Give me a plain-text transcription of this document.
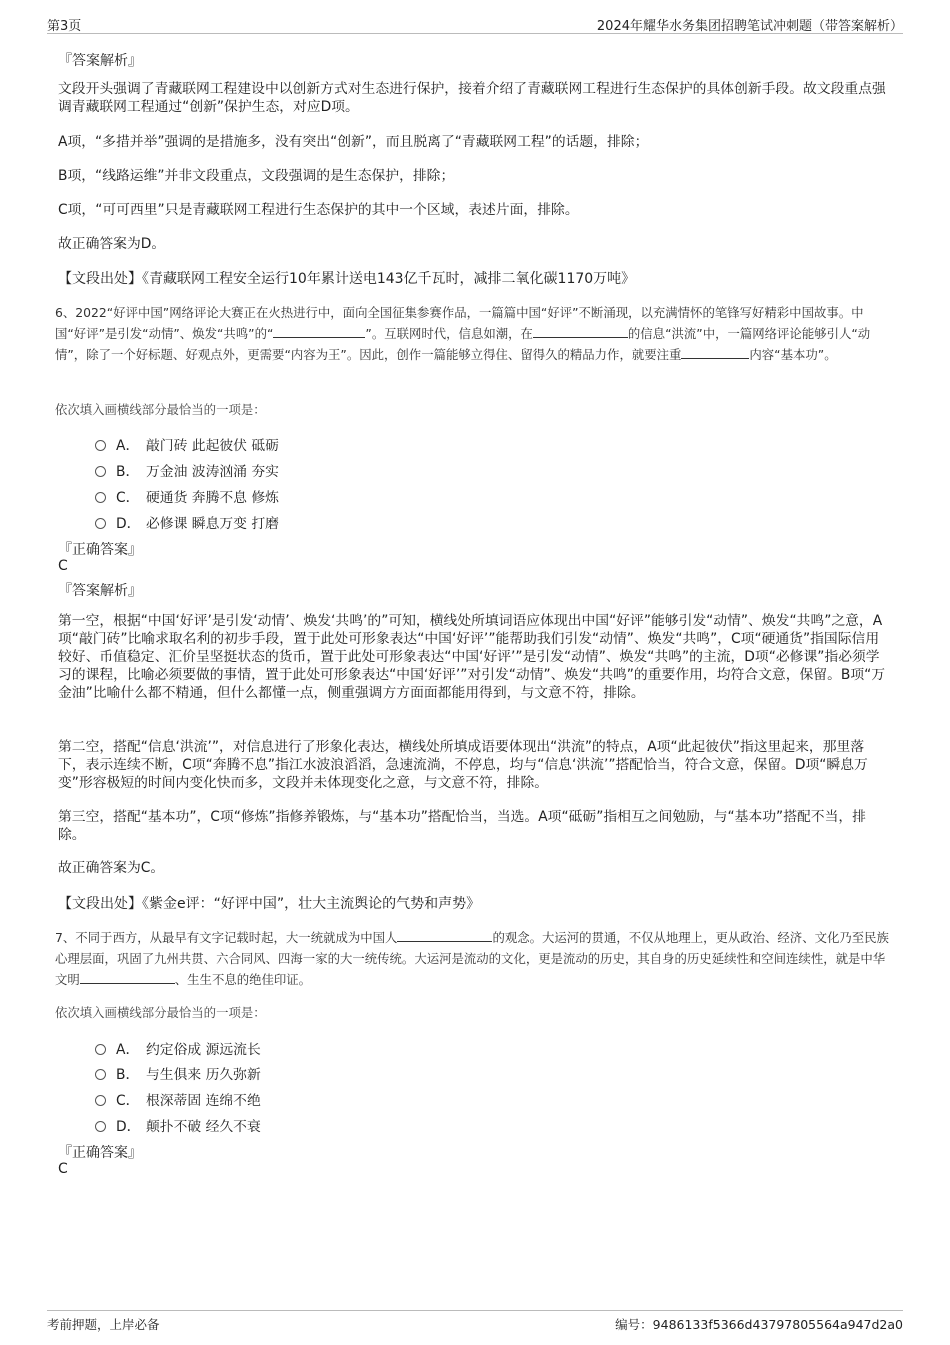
第3页	2024年耀华水务集团招聘笔试冲刺题（带答案解析）
『答案解析』
文段开头强调了青藏联网工程建设中以创新方式对生态进行保护，接着介绍了青藏联网工程进行生态保护的具体创新手段。故文段重点强调青藏联网工程通过“创新”保护生态，对应D项。
A项，“多措并举”强调的是措施多，没有突出“创新”，而且脱离了“青藏联网工程”的话题，排除；
B项，“线路运维”并非文段重点，文段强调的是生态保护，排除；
C项，“可可西里”只是青藏联网工程进行生态保护的其中一个区域，表述片面，排除。
故正确答案为D。
【文段出处】《青藏联网工程安全运行10年累计送电143亿千瓦时，减排二氧化碳1170万吨》
6、2022“好评中国”网络评论大赛正在火热进行中，面向全国征集参赛作品，一篇篇中国“好评”不断涌现，以充满情怀的笔锋写好精彩中国故事。中国“好评”是引发“动情”、焕发“共鸣”的“	”。互联网时代，信息如潮，在	的信息“洪流”中，一篇网络评论能够引人“动情”，除了一个好标题、好观点外，更需要“内容为王”。因此，创作一篇能够立得住、留得久的精品力作，就要注重	内容“基本功”。
依次填入画横线部分最恰当的一项是：
A． 敲门砖 此起彼伏 砥砺
B． 万金油 波涛汹涌 夯实
C． 硬通货 奔腾不息 修炼
D． 必修课 瞬息万变 打磨
『正确答案』
C
『答案解析』
第一空，根据“中国‘好评’是引发‘动情’、焕发‘共鸣’的”可知，横线处所填词语应体现出中国“好评”能够引发“动情”、焕发“共鸣”之意，A项“敲门砖”比喻求取名利的初步手段，置于此处可形象表达“中国‘好评’”能帮助我们引发“动情”、焕发“共鸣”，C项“硬通货”指国际信用较好、币值稳定、汇价呈坚挺状态的货币，置于此处可形象表达“中国‘好评’”是引发“动情”、焕发“共鸣”的主流，D项“必修课”指必须学习的课程，比喻必须要做的事情，置于此处可形象表达“中国‘好评’”对引发“动情”、焕发“共鸣”的重要作用，均符合文意，保留。B项“万金油”比喻什么都不精通，但什么都懂一点，侧重强调方方面面都能用得到，与文意不符，排除。
第二空，搭配“信息‘洪流’”，对信息进行了形象化表达，横线处所填成语要体现出“洪流”的特点，A项“此起彼伏”指这里起来，那里落下，表示连续不断，C项“奔腾不息”指江水波浪滔滔，急速流淌，不停息，均与“信息‘洪流’”搭配恰当，符合文意，保留。D项“瞬息万变”形容极短的时间内变化快而多，文段并未体现变化之意，与文意不符，排除。
第三空，搭配“基本功”，C项“修炼”指修养锻炼，与“基本功”搭配恰当，当选。A项“砥砺”指相互之间勉励，与“基本功”搭配不当，排除。
故正确答案为C。
【文段出处】《紫金e评：“好评中国”，壮大主流舆论的气势和声势》
7、不同于西方，从最早有文字记载时起，大一统就成为中国人	的观念。大运河的贯通，不仅从地理上，更从政治、经济、文化乃至民族心理层面，巩固了九州共贯、六合同风、四海一家的大一统传统。大运河是流动的文化，更是流动的历史，其自身的历史延续性和空间连续性，就是中华文明	、生生不息的绝佳印证。
依次填入画横线部分最恰当的一项是：
A． 约定俗成 源远流长
B． 与生俱来 历久弥新
C． 根深蒂固 连绵不绝
D． 颠扑不破 经久不衰
『正确答案』
C
考前押题，上岸必备	编号：9486133f5366d43797805564a947d2a0
